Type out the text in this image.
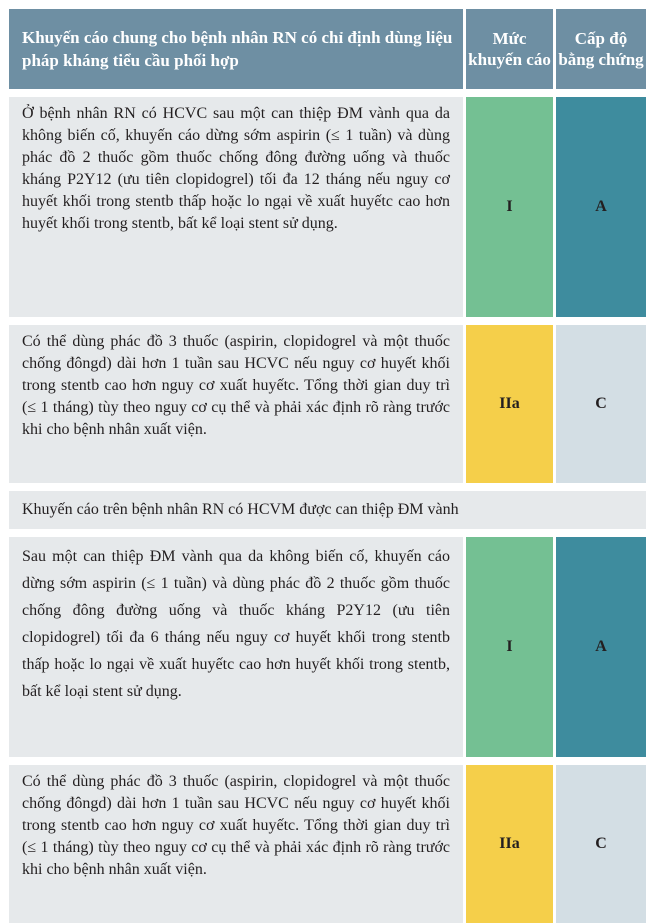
Khuyến cáo chung cho bệnh nhân RN có chỉ định dùng liệu pháp kháng tiểu cầu phối hợp	Mức khuyến cáo	Cấp độ bằng chứng

Ở bệnh nhân RN có HCVC sau một can thiệp ĐM vành qua da không biến cố, khuyến cáo dừng sớm aspirin (≤ 1 tuần) và dùng phác đồ 2 thuốc gồm thuốc chống đông đường uống và thuốc kháng P2Y12 (ưu tiên clopidogrel) tối đa 12 tháng nếu nguy cơ huyết khối trong stentb thấp hoặc lo ngại về xuất huyếtc cao hơn huyết khối trong stentb, bất kể loại stent sử dụng.	I	A

Có thể dùng phác đồ 3 thuốc (aspirin, clopidogrel và một thuốc chống đôngd) dài hơn 1 tuần sau HCVC nếu nguy cơ huyết khối trong stentb cao hơn nguy cơ xuất huyếtc. Tổng thời gian duy trì (≤ 1 tháng) tùy theo nguy cơ cụ thể và phải xác định rõ ràng trước khi cho bệnh nhân xuất viện.	IIa	C

Khuyến cáo trên bệnh nhân RN có HCVM được can thiệp ĐM vành		

Sau một can thiệp ĐM vành qua da không biến cố, khuyến cáo dừng sớm aspirin (≤ 1 tuần) và dùng phác đồ 2 thuốc gồm thuốc chống đông đường uống và thuốc kháng P2Y12 (ưu tiên clopidogrel) tối đa 6 tháng nếu nguy cơ huyết khối trong stentb thấp hoặc lo ngại về xuất huyếtc cao hơn huyết khối trong stentb, bất kể loại stent sử dụng.	I	A

Có thể dùng phác đồ 3 thuốc (aspirin, clopidogrel và một thuốc chống đôngd) dài hơn 1 tuần sau HCVC nếu nguy cơ huyết khối trong stentb cao hơn nguy cơ xuất huyếtc. Tổng thời gian duy trì (≤ 1 tháng) tùy theo nguy cơ cụ thể và phải xác định rõ ràng trước khi cho bệnh nhân xuất viện.	IIa	C
